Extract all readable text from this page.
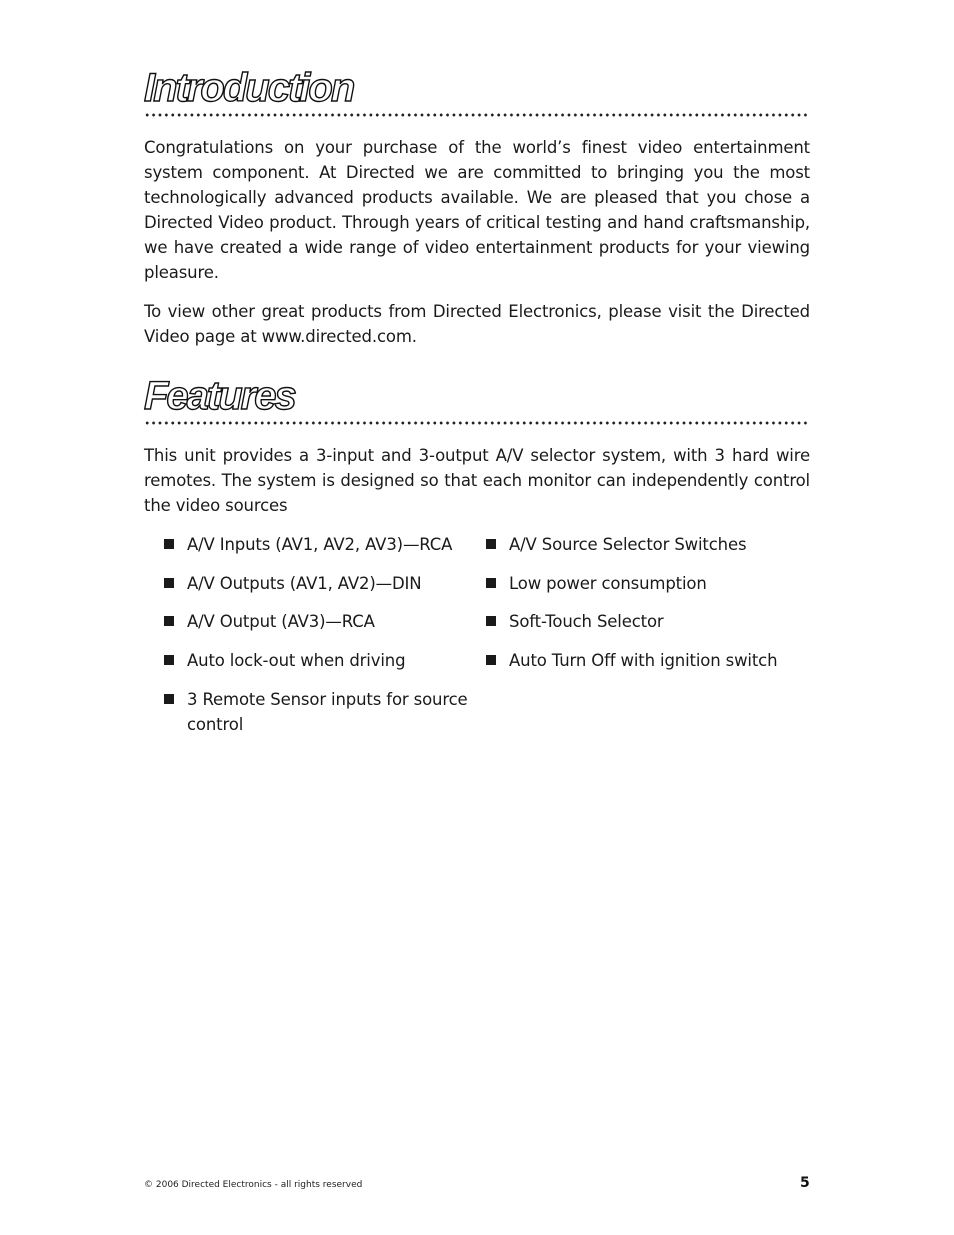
Introduction

Congratulations on your purchase of the world’s finest video entertainment system component. At Directed we are committed to bringing you the most technologically advanced products available. We are pleased that you chose a Directed Video product. Through years of critical testing and hand craftsmanship, we have created a wide range of video entertainment products for your viewing pleasure.

To view other great products from Directed Electronics, please visit the Directed Video page at www.directed.com.

Features

This unit provides a 3-input and 3-output A/V selector system, with 3 hard wire remotes. The system is designed so that each monitor can independently control the video sources

A/V Inputs (AV1, AV2, AV3)—RCA
A/V Outputs (AV1, AV2)—DIN
A/V Output (AV3)—RCA
Auto lock-out when driving
3 Remote Sensor inputs for source control
A/V Source Selector Switches
Low power consumption
Soft-Touch Selector
Auto Turn Off with ignition switch
© 2006 Directed Electronics - all rights reserved	5
